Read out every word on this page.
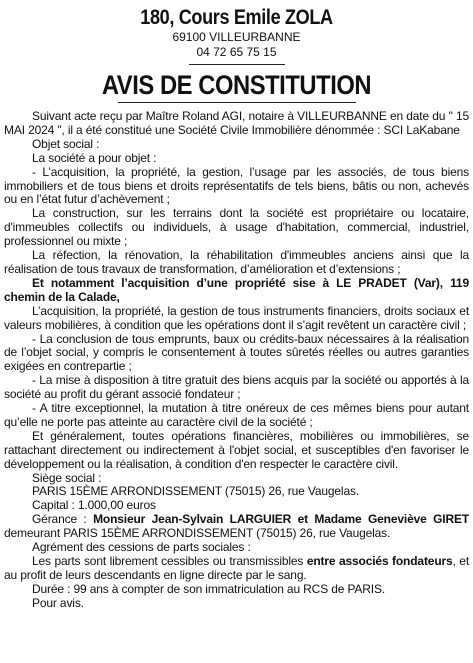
180, Cours Emile ZOLA
69100 VILLEURBANNE
04 72 65 75 15
AVIS DE CONSTITUTION

Suivant acte reçu par Maître Roland AGI, notaire à VILLEURBANNE en date du " 15 MAI 2024 ", il a été constitué une Société Civile Immobilière dénommée : SCI LaKabane

Objet social :

La société a pour objet :

- L’acquisition, la propriété, la gestion, l’usage par les associés, de tous biens immobiliers et de tous biens et droits représentatifs de tels biens, bâtis ou non, achevés ou en l’état futur d’achèvement ;

La construction, sur les terrains dont la société est propriétaire ou locataire, d'immeubles collectifs ou individuels, à usage d'habitation, commercial, industriel, professionnel ou mixte ;

La réfection, la rénovation, la réhabilitation d'immeubles anciens ainsi que la réalisation de tous travaux de transformation, d’amélioration et d’extensions ;

Et notamment l’acquisition d’une propriété sise à LE PRADET (Var), 119 chemin de la Calade,

L’acquisition, la propriété, la gestion de tous instruments financiers, droits sociaux et valeurs mobilières, à condition que les opérations dont il s’agit revêtent un caractère civil ;

- La conclusion de tous emprunts, baux ou crédits-baux nécessaires à la réalisation de l’objet social, y compris le consentement à toutes sûretés réelles ou autres garanties exigées en contrepartie ;

- La mise à disposition à titre gratuit des biens acquis par la société ou apportés à la société au profit du gérant associé fondateur ;

- A titre exceptionnel, la mutation à titre onéreux de ces mêmes biens pour autant qu’elle ne porte pas atteinte au caractère civil de la société ;

Et généralement, toutes opérations financières, mobilières ou immobilières, se rattachant directement ou indirectement à l'objet social, et susceptibles d'en favoriser le développement ou la réalisation, à condition d'en respecter le caractère civil.

Siège social :

PARIS 15ÈME ARRONDISSEMENT (75015) 26, rue Vaugelas.

Capital : 1.000,00 euros

Gérance : Monsieur Jean-Sylvain LARGUIER et Madame Geneviève GIRET demeurant PARIS 15ÈME ARRONDISSEMENT (75015) 26, rue Vaugelas.

Agrément des cessions de parts sociales :

Les parts sont librement cessibles ou transmissibles entre associés fondateurs, et au profit de leurs descendants en ligne directe par le sang.

Durée : 99 ans à compter de son immatriculation au RCS de PARIS.

Pour avis.
